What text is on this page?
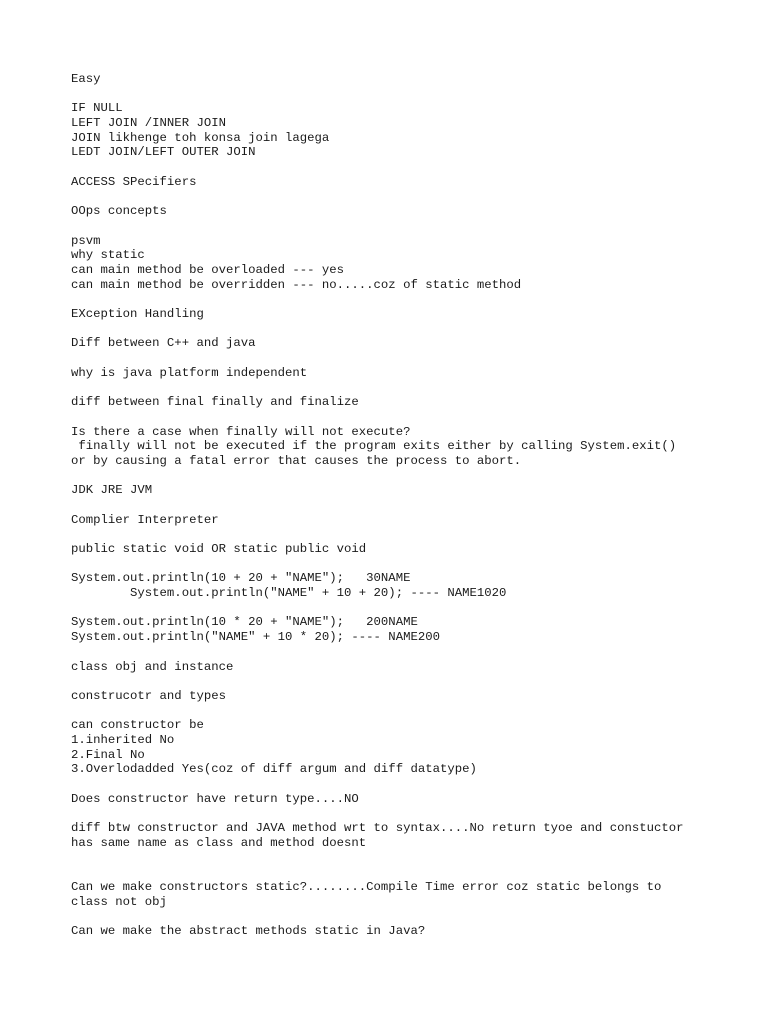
Easy
IF NULL
LEFT JOIN /INNER JOIN
JOIN likhenge toh konsa join lagega
LEDT JOIN/LEFT OUTER JOIN
ACCESS SPecifiers
OOps concepts
psvm
why static
can main method be overloaded --- yes
can main method be overridden --- no.....coz of static method
EXception Handling
Diff between C++ and java
why is java platform independent
diff between final finally and finalize
Is there a case when finally will not execute?
finally will not be executed if the program exits either by calling System.exit()
or by causing a fatal error that causes the process to abort.
JDK JRE JVM
Complier Interpreter
public static void OR static public void
System.out.println(10 + 20 + "NAME");   30NAME
System.out.println("NAME" + 10 + 20); ---- NAME1020
System.out.println(10 * 20 + "NAME");   200NAME
System.out.println("NAME" + 10 * 20); ---- NAME200
class obj and instance
construcotr and types
can constructor be
1.inherited No
2.Final No
3.Overlodadded Yes(coz of diff argum and diff datatype)
Does constructor have return type....NO
diff btw constructor and JAVA method wrt to syntax....No return tyoe and constuctor
has same name as class and method doesnt
Can we make constructors static?........Compile Time error coz static belongs to
class not obj
Can we make the abstract methods static in Java?
